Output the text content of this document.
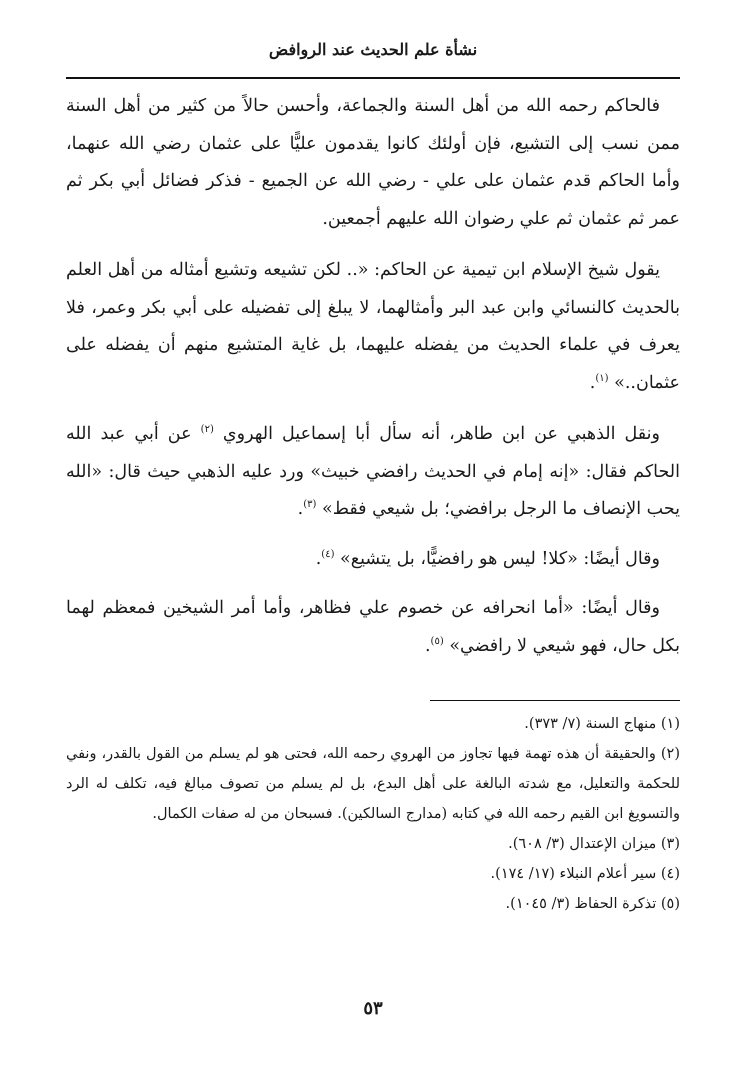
نشأة علم الحديث عند الروافض

فالحاكم رحمه الله من أهل السنة والجماعة، وأحسن حالاً من كثير من أهل السنة ممن نسب إلى التشيع، فإن أولئك كانوا يقدمون عليًّا على عثمان رضي الله عنهما، وأما الحاكم قدم عثمان على علي - رضي الله عن الجميع - فذكر فضائل أبي بكر ثم عمر ثم عثمان ثم علي رضوان الله عليهم أجمعين.

يقول شيخ الإسلام ابن تيمية عن الحاكم: «.. لكن تشيعه وتشيع أمثاله من أهل العلم بالحديث كالنسائي وابن عبد البر وأمثالهما، لا يبلغ إلى تفضيله على أبي بكر وعمر، فلا يعرف في علماء الحديث من يفضله عليهما، بل غاية المتشيع منهم أن يفضله على عثمان..» $^{(١)}$.

ونقل الذهبي عن ابن طاهر، أنه سأل أبا إسماعيل الهروي $^{(٢)}$ عن أبي عبد الله الحاكم فقال: «إنه إمام في الحديث رافضي خبيث» ورد عليه الذهبي حيث قال: «الله يحب الإنصاف ما الرجل برافضي؛ بل شيعي فقط» $^{(٣)}$.

وقال أيضًا: «كلا! ليس هو رافضيًّا، بل يتشيع» $^{(٤)}$.

وقال أيضًا: «أما انحرافه عن خصوم علي فظاهر، وأما أمر الشيخين فمعظم لهما بكل حال، فهو شيعي لا رافضي» $^{(٥)}$.

(١) منهاج السنة (٧/ ٣٧٣).

(٢) والحقيقة أن هذه تهمة فيها تجاوز من الهروي رحمه الله، فحتى هو لم يسلم من القول بالقدر، ونفي للحكمة والتعليل، مع شدته البالغة على أهل البدع، بل لم يسلم من تصوف مبالغ فيه، تكلف له الرد والتسويغ ابن القيم رحمه الله في كتابه (مدارج السالكين). فسبحان من له صفات الكمال.

(٣) ميزان الإعتدال (٣/ ٦٠٨).

(٤) سير أعلام النبلاء (١٧/ ١٧٤).

(٥) تذكرة الحفاظ (٣/ ١٠٤٥).

٥٣
